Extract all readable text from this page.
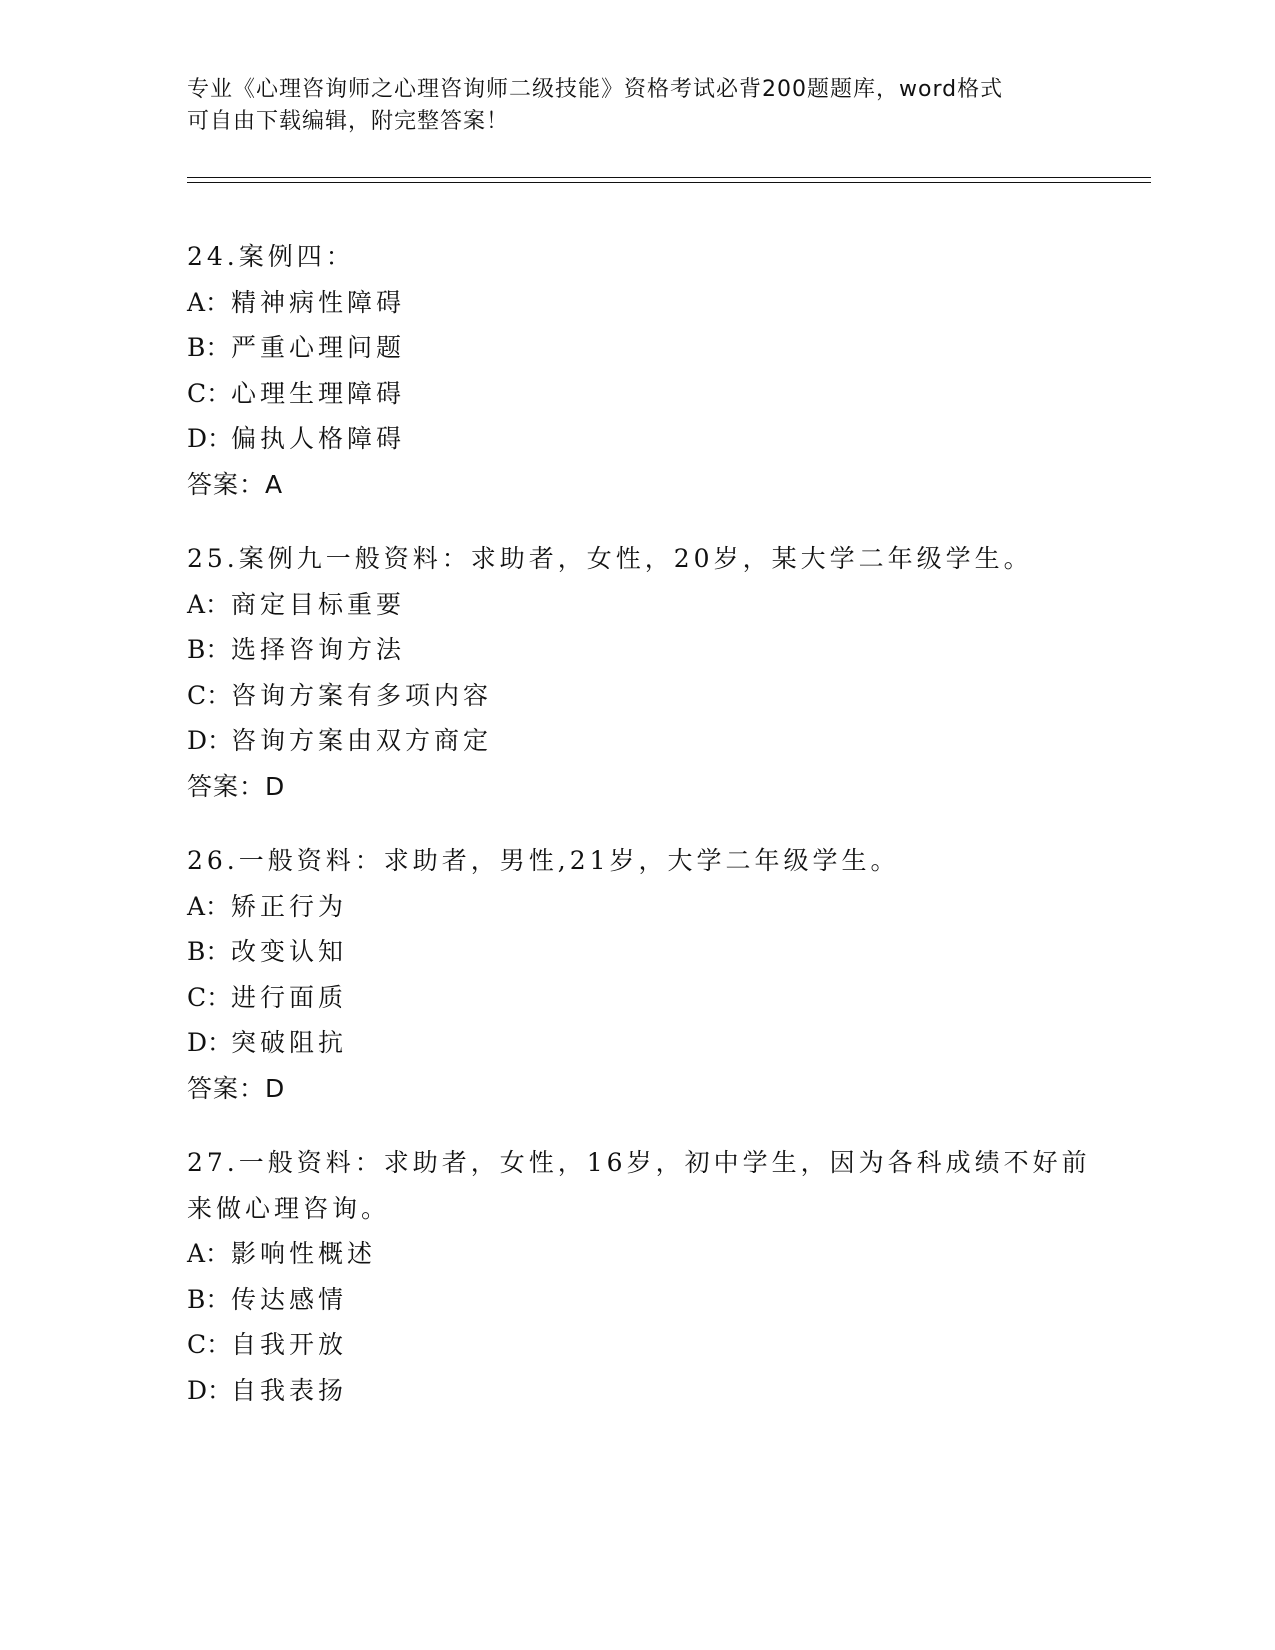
专业《心理咨询师之心理咨询师二级技能》资格考试必背200题题库，word格式
可自由下载编辑，附完整答案！
24.案例四：
A：精神病性障碍
B：严重心理问题
C：心理生理障碍
D：偏执人格障碍
答案：A
25.案例九一般资料：求助者，女性，20岁，某大学二年级学生。
A：商定目标重要
B：选择咨询方法
C：咨询方案有多项内容
D：咨询方案由双方商定
答案：D
26.一般资料：求助者，男性,21岁，大学二年级学生。
A：矫正行为
B：改变认知
C：进行面质
D：突破阻抗
答案：D
27.一般资料：求助者，女性，16岁，初中学生，因为各科成绩不好前
来做心理咨询。
A：影响性概述
B：传达感情
C：自我开放
D：自我表扬
